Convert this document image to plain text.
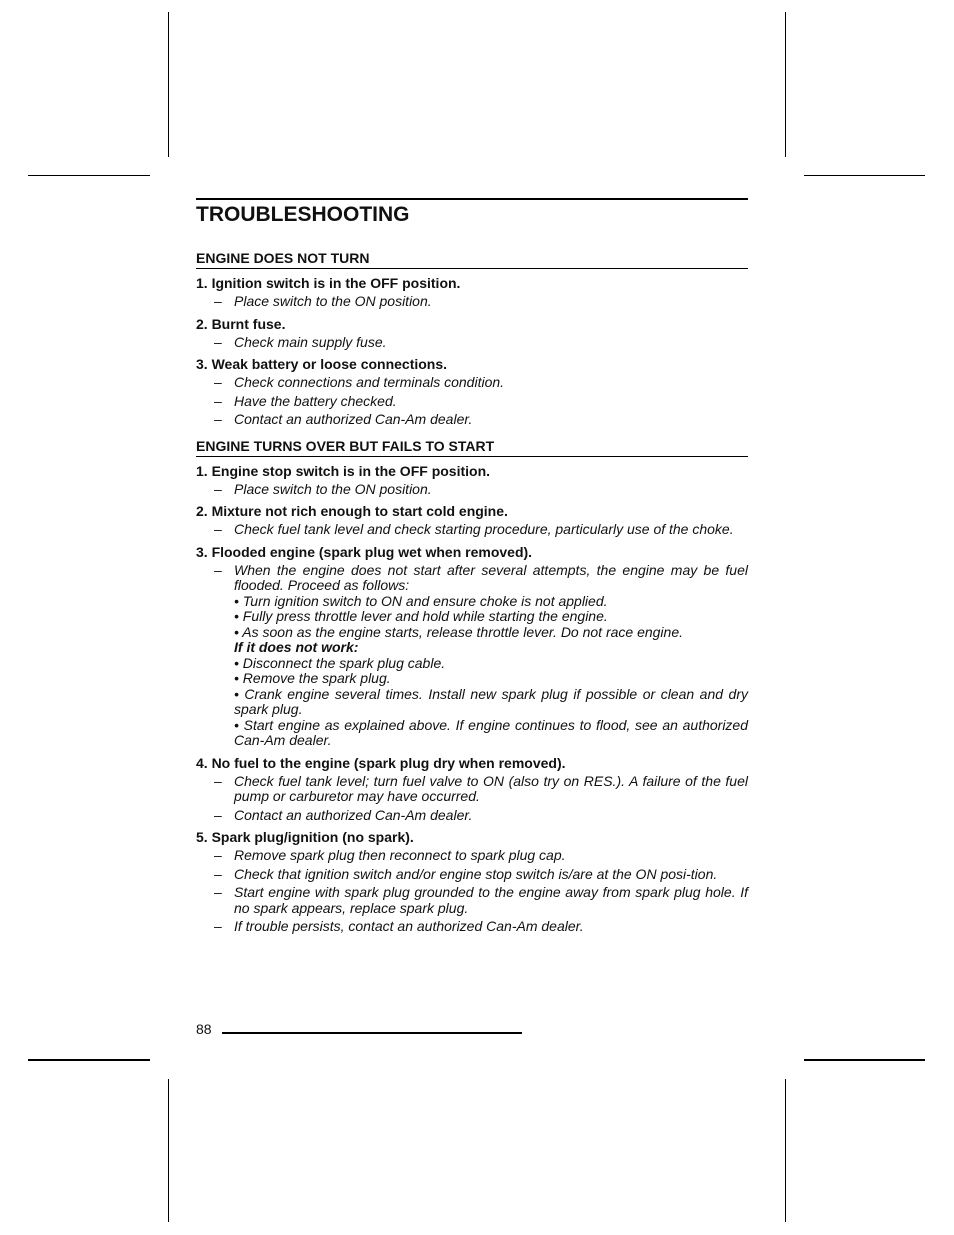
TROUBLESHOOTING
ENGINE DOES NOT TURN
1. Ignition switch is in the OFF position.
– Place switch to the ON position.
2. Burnt fuse.
– Check main supply fuse.
3. Weak battery or loose connections.
– Check connections and terminals condition.
– Have the battery checked.
– Contact an authorized Can-Am dealer.
ENGINE TURNS OVER BUT FAILS TO START
1. Engine stop switch is in the OFF position.
– Place switch to the ON position.
2. Mixture not rich enough to start cold engine.
– Check fuel tank level and check starting procedure, particularly use of the choke.
3. Flooded engine (spark plug wet when removed).
– When the engine does not start after several attempts, the engine may be fuel flooded. Proceed as follows:
• Turn ignition switch to ON and ensure choke is not applied.
• Fully press throttle lever and hold while starting the engine.
• As soon as the engine starts, release throttle lever. Do not race engine.
If it does not work:
• Disconnect the spark plug cable.
• Remove the spark plug.
• Crank engine several times. Install new spark plug if possible or clean and dry spark plug.
• Start engine as explained above. If engine continues to flood, see an authorized Can-Am dealer.
4. No fuel to the engine (spark plug dry when removed).
– Check fuel tank level; turn fuel valve to ON (also try on RES.). A failure of the fuel pump or carburetor may have occurred.
– Contact an authorized Can-Am dealer.
5. Spark plug/ignition (no spark).
– Remove spark plug then reconnect to spark plug cap.
– Check that ignition switch and/or engine stop switch is/are at the ON posi-tion.
– Start engine with spark plug grounded to the engine away from spark plug hole. If no spark appears, replace spark plug.
– If trouble persists, contact an authorized Can-Am dealer.
88
